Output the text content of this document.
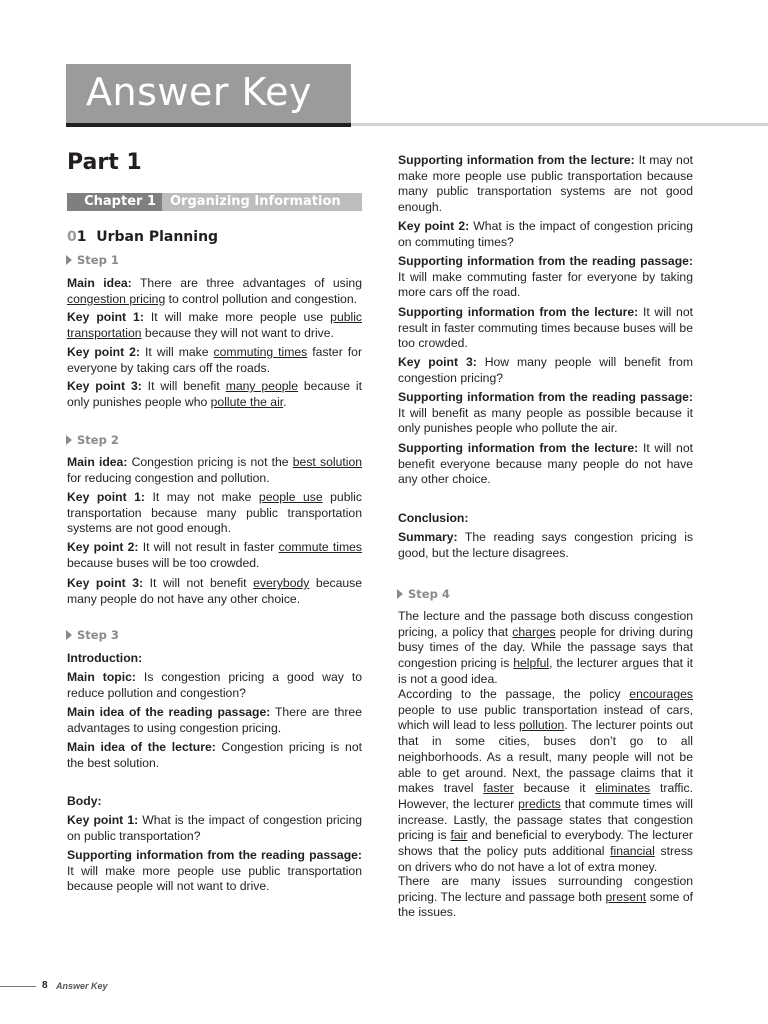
Answer Key
Part 1
Chapter 1	Organizing Information
01 Urban Planning
Step 1
Main idea: There are three advantages of using congestion pricing to control pollution and congestion.
Key point 1: It will make more people use public transportation because they will not want to drive.
Key point 2: It will make commuting times faster for everyone by taking cars off the roads.
Key point 3: It will benefit many people because it only punishes people who pollute the air.
Step 2
Main idea: Congestion pricing is not the best solution for reducing congestion and pollution.
Key point 1: It may not make people use public transportation because many public transportation systems are not good enough.
Key point 2: It will not result in faster commute times because buses will be too crowded.
Key point 3: It will not benefit everybody because many people do not have any other choice.
Step 3
Introduction:
Main topic: Is congestion pricing a good way to reduce pollution and congestion?
Main idea of the reading passage: There are three advantages to using congestion pricing.
Main idea of the lecture: Congestion pricing is not the best solution.
Body:
Key point 1: What is the impact of congestion pricing on public transportation?
Supporting information from the reading passage: It will make more people use public transportation because people will not want to drive.
Supporting information from the lecture: It may not make more people use public transportation because many public transportation systems are not good enough.
Key point 2: What is the impact of congestion pricing on commuting times?
Supporting information from the reading passage: It will make commuting faster for everyone by taking more cars off the road.
Supporting information from the lecture: It will not result in faster commuting times because buses will be too crowded.
Key point 3: How many people will benefit from congestion pricing?
Supporting information from the reading passage: It will benefit as many people as possible because it only punishes people who pollute the air.
Supporting information from the lecture: It will not benefit everyone because many people do not have any other choice.
Conclusion:
Summary: The reading says congestion pricing is good, but the lecture disagrees.
Step 4
The lecture and the passage both discuss congestion pricing, a policy that charges people for driving during busy times of the day. While the passage says that congestion pricing is helpful, the lecturer argues that it is not a good idea.
According to the passage, the policy encourages people to use public transportation instead of cars, which will lead to less pollution. The lecturer points out that in some cities, buses don’t go to all neighborhoods. As a result, many people will not be able to get around. Next, the passage claims that it makes travel faster because it eliminates traffic. However, the lecturer predicts that commute times will increase. Lastly, the passage states that congestion pricing is fair and beneficial to everybody. The lecturer shows that the policy puts additional financial stress on drivers who do not have a lot of extra money.
There are many issues surrounding congestion pricing. The lecture and passage both present some of the issues.
8 Answer Key
